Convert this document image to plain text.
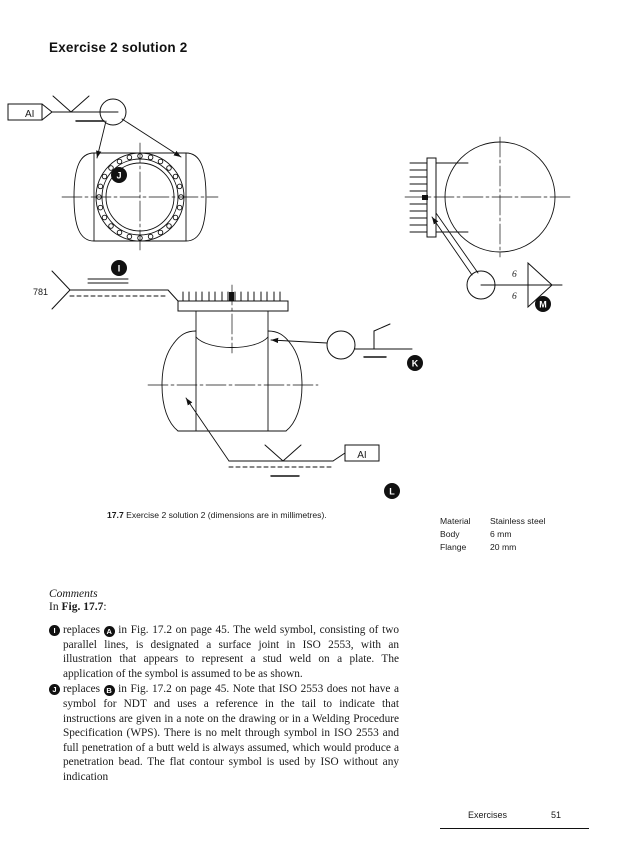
Exercise 2 solution 2
J
I
K
L
M
AI
AI
781
6
6
Material	Stainless steel
Body	6 mm
Flange	20 mm
17.7 Exercise 2 solution 2 (dimensions are in millimetres).
Comments
In Fig. 17.7:
I replaces A in Fig. 17.2 on page 45. The weld symbol, consisting of two parallel lines, is designated a surface joint in ISO 2553, with an illustration that appears to represent a stud weld on a plate. The application of the symbol is assumed to be as shown.
J replaces B in Fig. 17.2 on page 45. Note that ISO 2553 does not have a symbol for NDT and uses a reference in the tail to indicate that instructions are given in a note on the drawing or in a Welding Procedure Specification (WPS). There is no melt through symbol in ISO 2553 and full penetration of a butt weld is always assumed, which would produce a penetration bead. The flat contour symbol is used by ISO without any indication
Exercises	51
